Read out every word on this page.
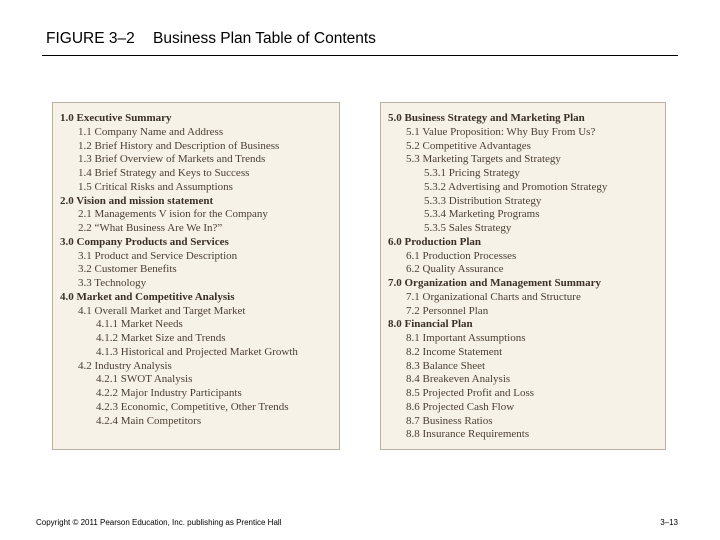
FIGURE 3–2 Business Plan Table of Contents
1.0 Executive Summary
1.1 Company Name and Address
1.2 Brief History and Description of Business
1.3 Brief Overview of Markets and Trends
1.4 Brief Strategy and Keys to Success
1.5 Critical Risks and Assumptions
2.0 Vision and mission statement
2.1 Managements V ision for the Company
2.2 “What Business Are We In?”
3.0 Company Products and Services
3.1 Product and Service Description
3.2 Customer Benefits
3.3 Technology
4.0 Market and Competitive Analysis
4.1 Overall Market and Target Market
4.1.1 Market Needs
4.1.2 Market Size and Trends
4.1.3 Historical and Projected Market Growth
4.2 Industry Analysis
4.2.1 SWOT Analysis
4.2.2 Major Industry Participants
4.2.3 Economic, Competitive, Other Trends
4.2.4 Main Competitors
5.0 Business Strategy and Marketing Plan
5.1 Value Proposition: Why Buy From Us?
5.2 Competitive Advantages
5.3 Marketing Targets and Strategy
5.3.1 Pricing Strategy
5.3.2 Advertising and Promotion Strategy
5.3.3 Distribution Strategy
5.3.4 Marketing Programs
5.3.5 Sales Strategy
6.0 Production Plan
6.1 Production Processes
6.2 Quality Assurance
7.0 Organization and Management Summary
7.1 Organizational Charts and Structure
7.2 Personnel Plan
8.0 Financial Plan
8.1 Important Assumptions
8.2 Income Statement
8.3 Balance Sheet
8.4 Breakeven Analysis
8.5 Projected Profit and Loss
8.6 Projected Cash Flow
8.7 Business Ratios
8.8 Insurance Requirements
Copyright © 2011 Pearson Education, Inc. publishing as Prentice Hall	3–13
